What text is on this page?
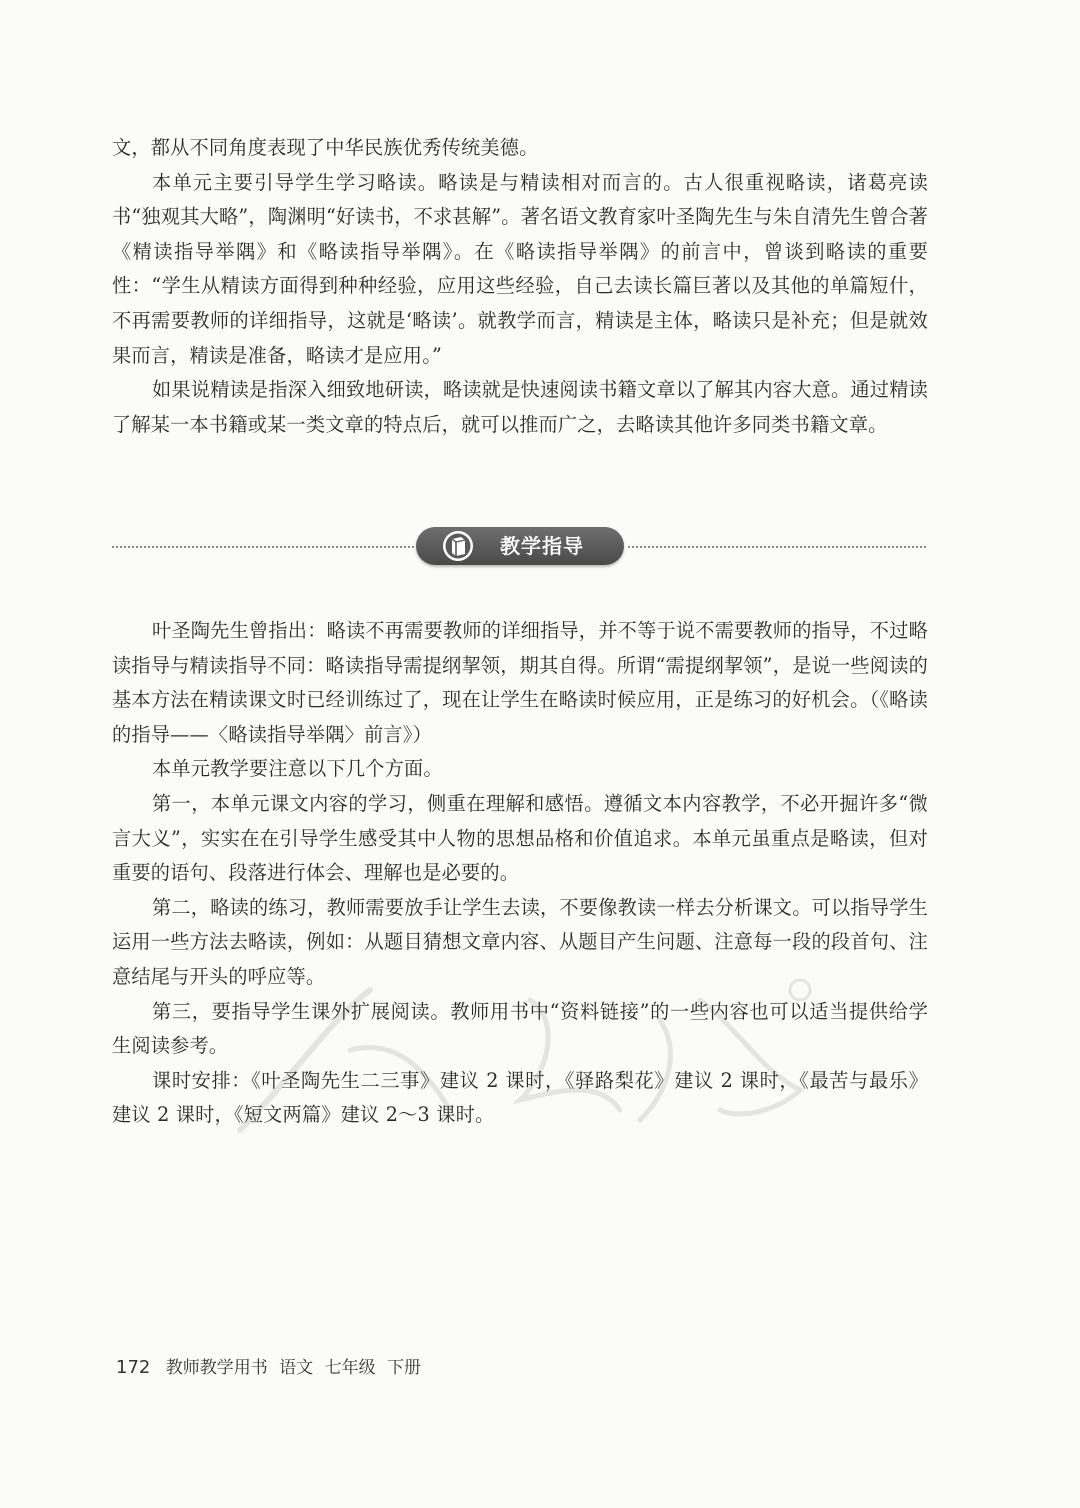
文，都从不同角度表现了中华民族优秀传统美德。

本单元主要引导学生学习略读。略读是与精读相对而言的。古人很重视略读，诸葛亮读书“独观其大略”，陶渊明“好读书，不求甚解”。著名语文教育家叶圣陶先生与朱自清先生曾合著《精读指导举隅》和《略读指导举隅》。在《略读指导举隅》的前言中，曾谈到略读的重要性：“学生从精读方面得到种种经验，应用这些经验，自己去读长篇巨著以及其他的单篇短什，不再需要教师的详细指导，这就是‘略读’。就教学而言，精读是主体，略读只是补充；但是就效果而言，精读是准备，略读才是应用。”

如果说精读是指深入细致地研读，略读就是快速阅读书籍文章以了解其内容大意。通过精读了解某一本书籍或某一类文章的特点后，就可以推而广之，去略读其他许多同类书籍文章。

教学指导

叶圣陶先生曾指出：略读不再需要教师的详细指导，并不等于说不需要教师的指导，不过略读指导与精读指导不同：略读指导需提纲挈领，期其自得。所谓“需提纲挈领”，是说一些阅读的基本方法在精读课文时已经训练过了，现在让学生在略读时候应用，正是练习的好机会。（《略读的指导——〈略读指导举隅〉前言》）

本单元教学要注意以下几个方面。

第一，本单元课文内容的学习，侧重在理解和感悟。遵循文本内容教学，不必开掘许多“微言大义”，实实在在引导学生感受其中人物的思想品格和价值追求。本单元虽重点是略读，但对重要的语句、段落进行体会、理解也是必要的。

第二，略读的练习，教师需要放手让学生去读，不要像教读一样去分析课文。可以指导学生运用一些方法去略读，例如：从题目猜想文章内容、从题目产生问题、注意每一段的段首句、注意结尾与开头的呼应等。

第三，要指导学生课外扩展阅读。教师用书中“资料链接”的一些内容也可以适当提供给学生阅读参考。

课时安排：《叶圣陶先生二三事》建议 2 课时，《驿路梨花》建议 2 课时，《最苦与最乐》建议 2 课时，《短文两篇》建议 2～3 课时。

172 教师教学用书 语文 七年级 下册
